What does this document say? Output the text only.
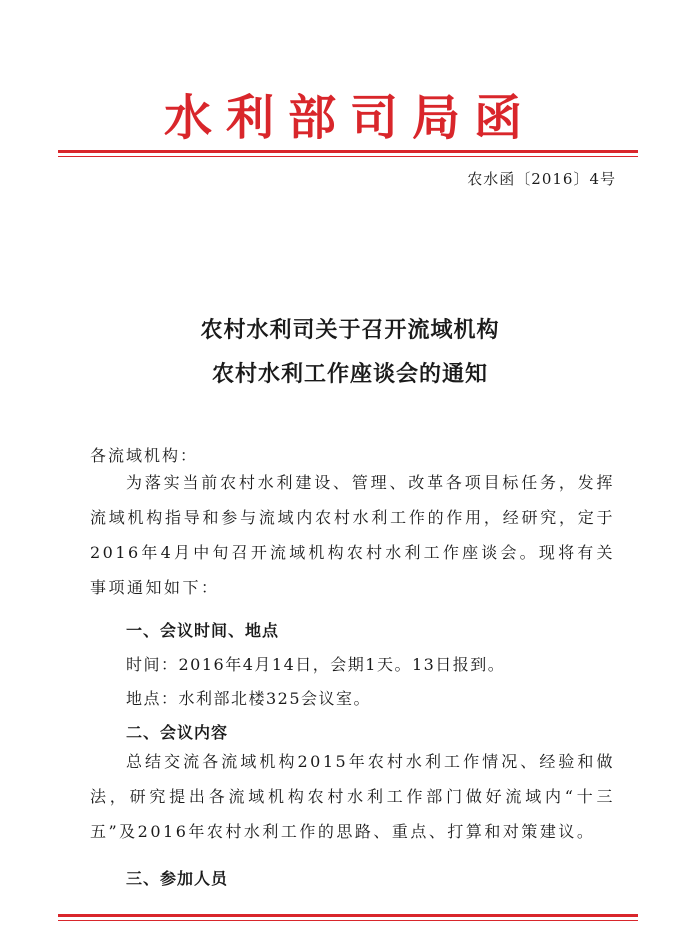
水利部司局函
农水函〔2016〕4号
农村水利司关于召开流域机构
农村水利工作座谈会的通知
各流域机构：

为落实当前农村水利建设、管理、改革各项目标任务，发挥流域机构指导和参与流域内农村水利工作的作用，经研究，定于2016年4月中旬召开流域机构农村水利工作座谈会。现将有关事项通知如下：

一、会议时间、地点
时间：2016年4月14日，会期1天。13日报到。
地点：水利部北楼325会议室。
二、会议内容

总结交流各流域机构2015年农村水利工作情况、经验和做法，研究提出各流域机构农村水利工作部门做好流域内“十三五”及2016年农村水利工作的思路、重点、打算和对策建议。

三、参加人员
